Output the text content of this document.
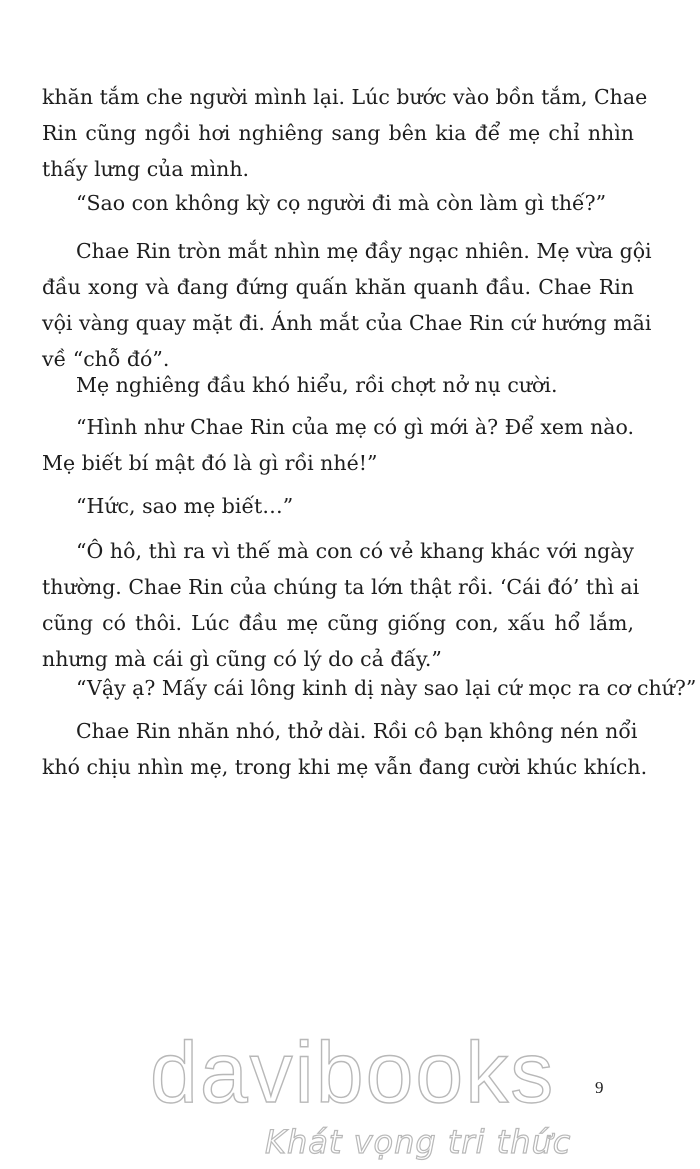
khăn tắm che người mình lại. Lúc bước vào bồn tắm, Chae
Rin cũng ngồi hơi nghiêng sang bên kia để mẹ chỉ nhìn
thấy lưng của mình.
“Sao con không kỳ cọ người đi mà còn làm gì thế?”
Chae Rin tròn mắt nhìn mẹ đầy ngạc nhiên. Mẹ vừa gội
đầu xong và đang đứng quấn khăn quanh đầu. Chae Rin
vội vàng quay mặt đi. Ánh mắt của Chae Rin cứ hướng mãi
về “chỗ đó”.
Mẹ nghiêng đầu khó hiểu, rồi chợt nở nụ cười.
“Hình như Chae Rin của mẹ có gì mới à? Để xem nào.
Mẹ biết bí mật đó là gì rồi nhé!”
“Hức, sao mẹ biết…”
“Ô hô, thì ra vì thế mà con có vẻ khang khác với ngày
thường. Chae Rin của chúng ta lớn thật rồi. ‘Cái đó’ thì ai
cũng có thôi. Lúc đầu mẹ cũng giống con, xấu hổ lắm,
nhưng mà cái gì cũng có lý do cả đấy.”
“Vậy ạ? Mấy cái lông kinh dị này sao lại cứ mọc ra cơ chứ?”
Chae Rin nhăn nhó, thở dài. Rồi cô bạn không nén nổi
khó chịu nhìn mẹ, trong khi mẹ vẫn đang cười khúc khích.
9
davibooks
Khát vọng tri thức
